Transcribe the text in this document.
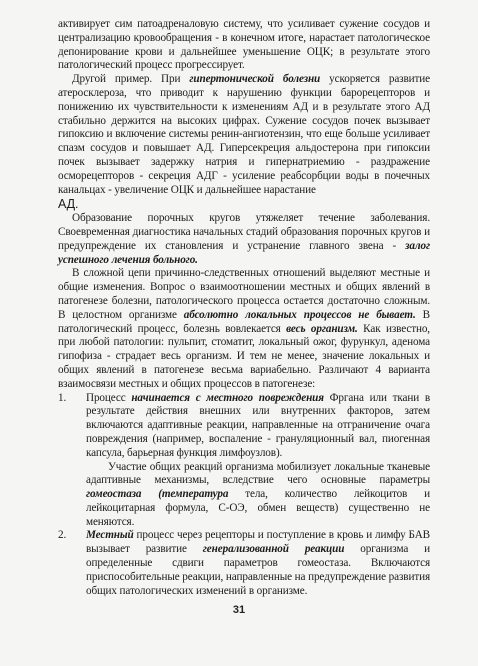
активирует сим патоадреналовую систему, что усиливает сужение сосудов и централизацию кровообращения - в конечном итоге, нарастает патологическое депонирование крови и дальнейшее уменьшение ОЦК; в результате этого патологический процесс прогрессирует.

Другой пример. При гипертонической болезни ускоряется развитие атеросклероза, что приводит к нарушению функции барорецепторов и понижению их чувствительности к изменениям АД и в результате этого АД стабильно держится на высоких цифрах. Сужение сосудов почек вызывает гипоксию и включение системы ренин-ангиотензин, что еще больше усиливает спазм сосудов и повышает АД. Гиперсекреция альдостерона при гипоксии почек вызывает задержку натрия и гипернатриемию - раздражение осморецепторов - секреция АДГ - усиление реабсорбции воды в почечных канальцах - увеличение ОЦК и дальнейшее нарастание

АД.

Образование порочных кругов утяжеляет течение заболевания. Своевременная диагностика начальных стадий образования порочных кругов и предупреждение их становления и устранение главного звена - залог успешного лечения больного.

В сложной цепи причинно-следственных отношений выделяют местные и общие изменения. Вопрос о взаимоотношении местных и общих явлений в патогенезе болезни, патологического процесса остается достаточно сложным. В целостном организме абсолютно локальных процессов не бывает. В патологический процесс, болезнь вовлекается весь организм. Как известно, при любой патологии: пульпит, стоматит, локальный ожог, фурункул, аденома гипофиза - страдает весь организм. И тем не менее, значение локальных и общих явлений в патогенезе весьма вариабельно. Различают 4 варианта взаимосвязи местных и общих процессов в патогенезе:

1. Процесс начинается с местного повреждения Фргана или ткани в результате действия внешних или внутренних факторов, затем включаются адаптивные реакции, направленные на отграничение очага повреждения (например, воспаление - грануляционный вал, пиогенная капсула, барьерная функция лимфоузлов).

Участие общих реакций организма мобилизует локальные тканевые адаптивные механизмы, вследствие чего основные параметры гомеостаза (температура тела, количество лейкоцитов и лейкоцитарная формула, С-ОЭ, обмен веществ) существенно не меняются.

2. Местный процесс через рецепторы и поступление в кровь и лимфу БАВ вызывает развитие генерализованной реакции организма и определенные сдвиги параметров гомеостаза. Включаются приспособительные реакции, направленные на предупреждение развития общих патологических изменений в организме.

31
